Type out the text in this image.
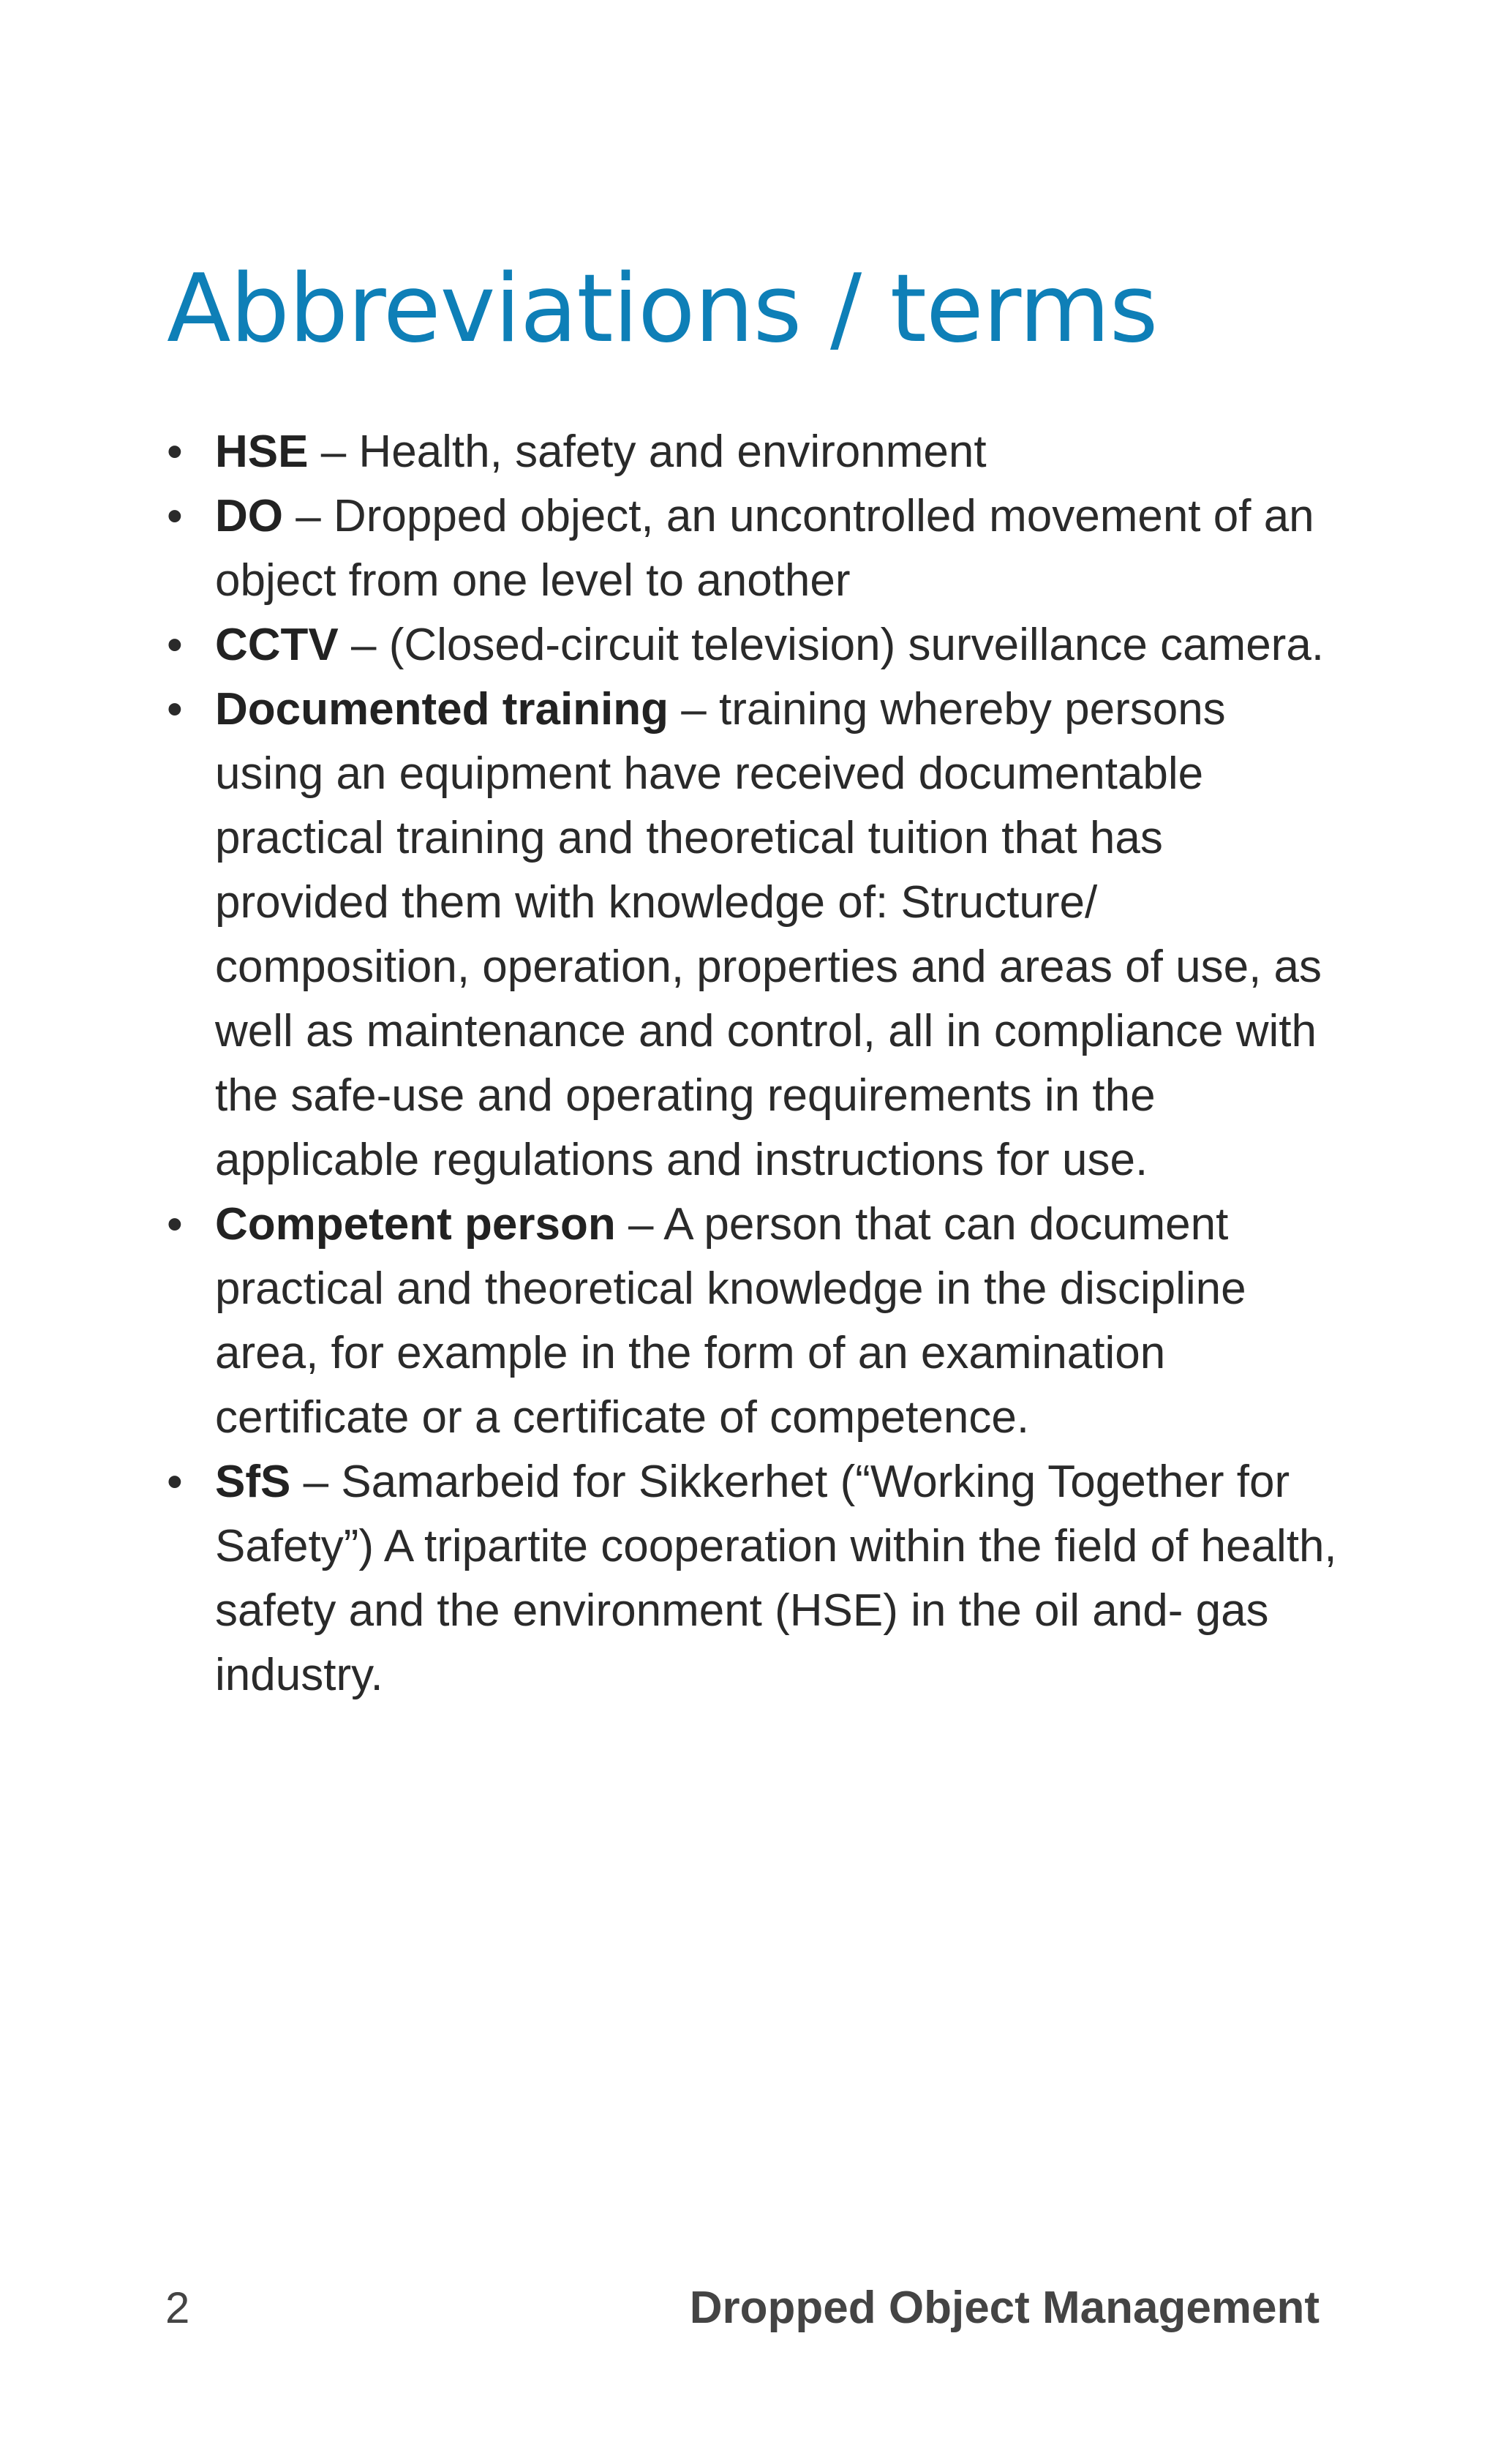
Abbreviations / terms
• HSE – Health, safety and environment
• DO – Dropped object, an uncontrolled movement of an object from one level to another
• CCTV – (Closed-circuit television) surveillance camera.
• Documented training – training whereby persons using an equipment have received documentable practical training and theoretical tuition that has provided them with knowledge of: Structure/ composition, operation, properties and areas of use, as well as maintenance and control, all in compliance with the safe-use and operating requirements in the applicable regulations and instructions for use.
• Competent person – A person that can document practical and theoretical knowledge in the discipline area, for example in the form of an examination certificate or a certificate of competence.
• SfS – Samarbeid for Sikkerhet (“Working Together for Safety”) A tripartite cooperation within the field of health, safety and the environment (HSE) in the oil and- gas industry.
2	Dropped Object Management
